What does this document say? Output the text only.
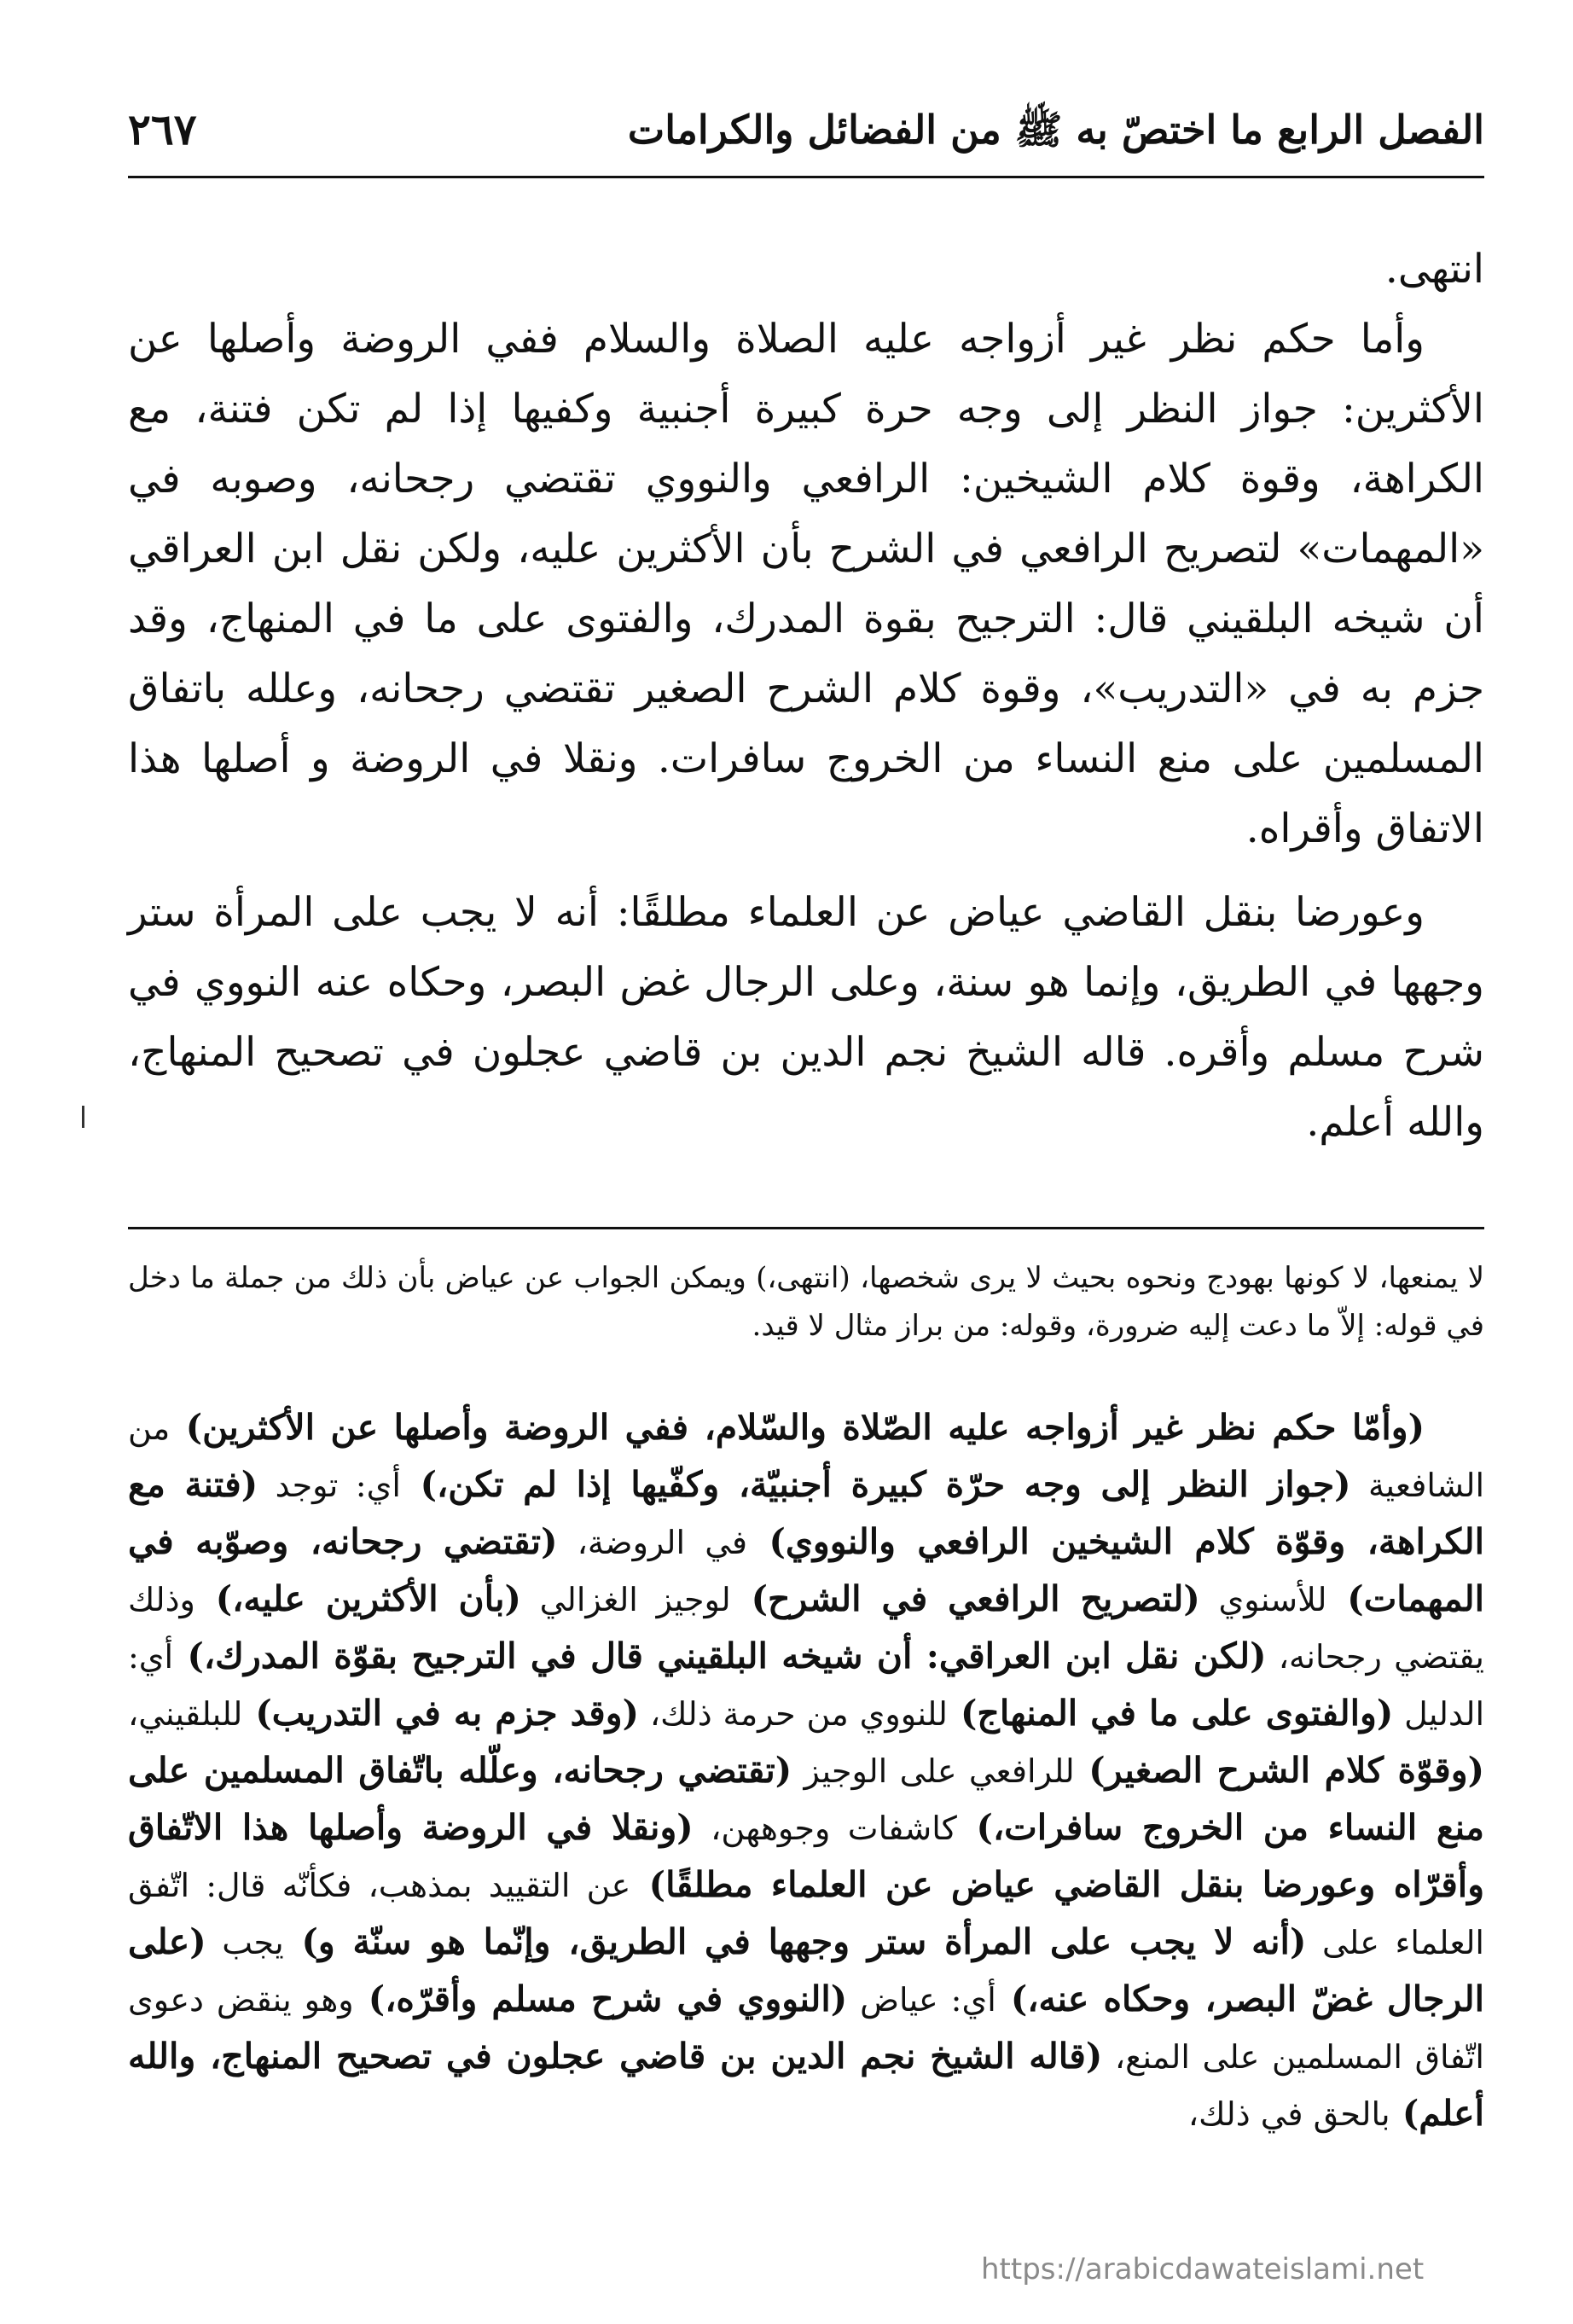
الفصل الرابع ما اختصّ به ﷺ من الفضائل والكرامات
٢٦٧

انتهى.

وأما حكم نظر غير أزواجه عليه الصلاة والسلام ففي الروضة وأصلها عن الأكثرين: جواز النظر إلى وجه حرة كبيرة أجنبية وكفيها إذا لم تكن فتنة، مع الكراهة، وقوة كلام الشيخين: الرافعي والنووي تقتضي رجحانه، وصوبه في «المهمات» لتصريح الرافعي في الشرح بأن الأكثرين عليه، ولكن نقل ابن العراقي أن شيخه البلقيني قال: الترجيح بقوة المدرك، والفتوى على ما في المنهاج، وقد جزم به في «التدريب»، وقوة كلام الشرح الصغير تقتضي رجحانه، وعلله باتفاق المسلمين على منع النساء من الخروج سافرات. ونقلا في الروضة و أصلها هذا الاتفاق وأقراه.

وعورضا بنقل القاضي عياض عن العلماء مطلقًا: أنه لا يجب على المرأة ستر وجهها في الطريق، وإنما هو سنة، وعلى الرجال غض البصر، وحكاه عنه النووي في شرح مسلم وأقره. قاله الشيخ نجم الدين بن قاضي عجلون في تصحيح المنهاج، والله أعلم.

لا يمنعها، لا كونها بهودج ونحوه بحيث لا يرى شخصها، (انتهى،) ويمكن الجواب عن عياض بأن ذلك من جملة ما دخل في قوله: إلاّ ما دعت إليه ضرورة، وقوله: من براز مثال لا قيد.

(وأمّا حكم نظر غير أزواجه عليه الصّلاة والسّلام، ففي الروضة وأصلها عن الأكثرين) من الشافعية (جواز النظر إلى وجه حرّة كبيرة أجنبيّة، وكفّيها إذا لم تكن،) أي: توجد (فتنة مع الكراهة، وقوّة كلام الشيخين الرافعي والنووي) في الروضة، (تقتضي رجحانه، وصوّبه في المهمات) للأسنوي (لتصريح الرافعي في الشرح) لوجيز الغزالي (بأن الأكثرين عليه،) وذلك يقتضي رجحانه، (لكن نقل ابن العراقي: أن شيخه البلقيني قال في الترجيح بقوّة المدرك،) أي: الدليل (والفتوى على ما في المنهاج) للنووي من حرمة ذلك، (وقد جزم به في التدريب) للبلقيني، (وقوّة كلام الشرح الصغير) للرافعي على الوجيز (تقتضي رجحانه، وعلّله باتّفاق المسلمين على منع النساء من الخروج سافرات،) كاشفات وجوههن، (ونقلا في الروضة وأصلها هذا الاتّفاق وأقرّاه وعورضا بنقل القاضي عياض عن العلماء مطلقًا) عن التقييد بمذهب، فكأنّه قال: اتّفق العلماء على (أنه لا يجب على المرأة ستر وجهها في الطريق، وإنّما هو سنّة و) يجب (على الرجال غضّ البصر، وحكاه عنه،) أي: عياض (النووي في شرح مسلم وأقرّه،) وهو ينقض دعوى اتّفاق المسلمين على المنع، (قاله الشيخ نجم الدين بن قاضي عجلون في تصحيح المنهاج، والله أعلم) بالحق في ذلك،

https://arabicdawateislami.net
